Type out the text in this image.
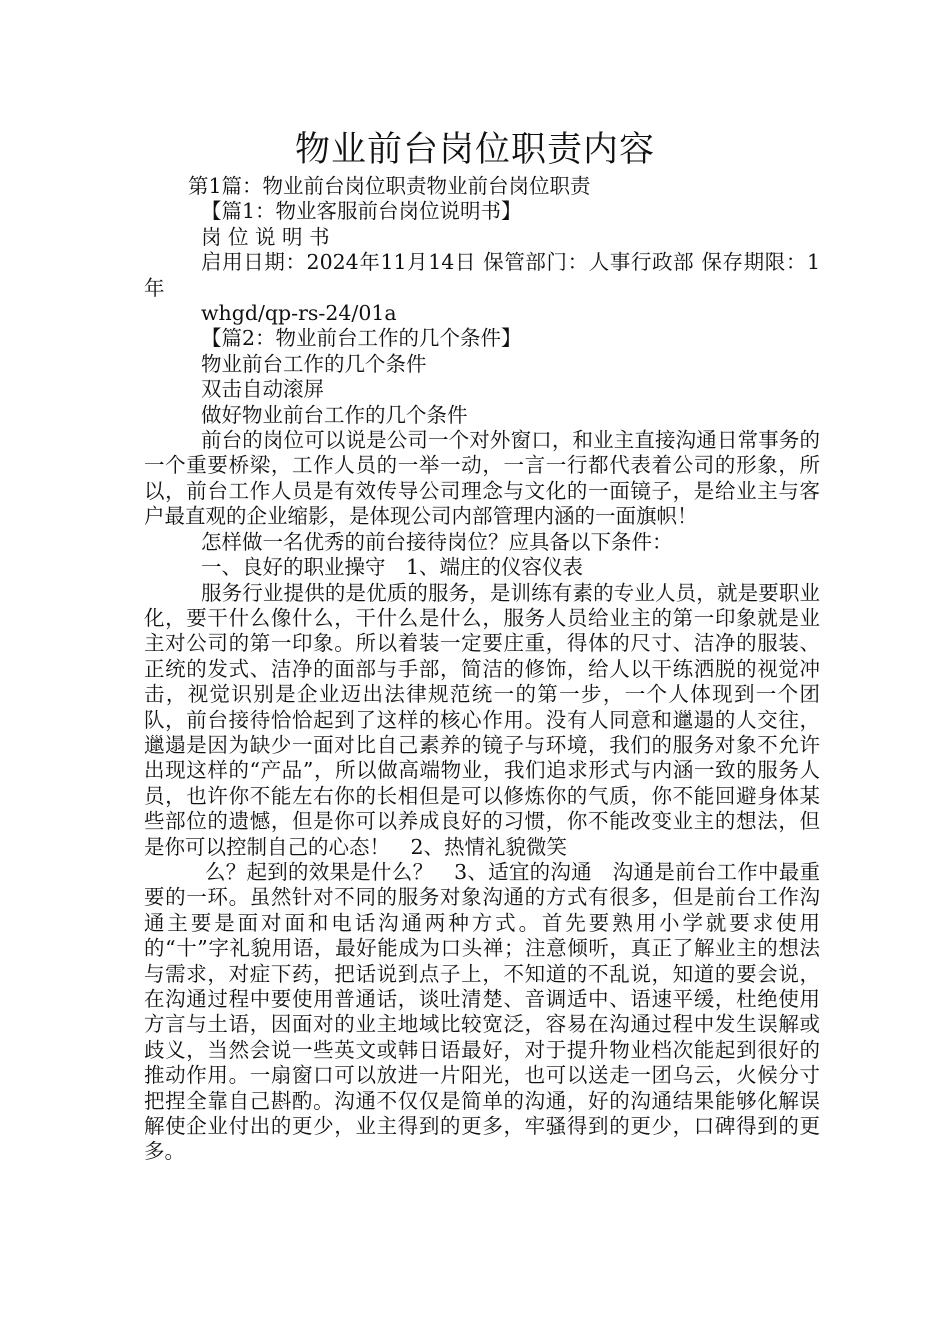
物业前台岗位职责内容

第1篇：物业前台岗位职责物业前台岗位职责

【篇1：物业客服前台岗位说明书】

岗 位 说 明 书

启用日期：2024年11月14日 保管部门：人事行政部 保存期限：1年

whgd/qp-rs-24/01a

【篇2：物业前台工作的几个条件】

物业前台工作的几个条件

双击自动滚屏

做好物业前台工作的几个条件

前台的岗位可以说是公司一个对外窗口，和业主直接沟通日常事务的一个重要桥梁，工作人员的一举一动，一言一行都代表着公司的形象，所以，前台工作人员是有效传导公司理念与文化的一面镜子，是给业主与客户最直观的企业缩影，是体现公司内部管理内涵的一面旗帜！

怎样做一名优秀的前台接待岗位？应具备以下条件：

一、良好的职业操守　1、端庄的仪容仪表

服务行业提供的是优质的服务，是训练有素的专业人员，就是要职业化，要干什么像什么，干什么是什么，服务人员给业主的第一印象就是业主对公司的第一印象。所以着装一定要庄重，得体的尺寸、洁净的服装、正统的发式、洁净的面部与手部，简洁的修饰，给人以干练洒脱的视觉冲击，视觉识别是企业迈出法律规范统一的第一步，一个人体现到一个团队，前台接待恰恰起到了这样的核心作用。没有人同意和邋遢的人交往，邋遢是因为缺少一面对比自己素养的镜子与环境，我们的服务对象不允许出现这样的“产品”，所以做高端物业，我们追求形式与内涵一致的服务人员，也许你不能左右你的长相但是可以修炼你的气质，你不能回避身体某些部位的遗憾，但是你可以养成良好的习惯，你不能改变业主的想法，但是你可以控制自己的心态！　2、热情礼貌微笑

么？起到的效果是什么？　3、适宜的沟通　沟通是前台工作中最重要的一环。虽然针对不同的服务对象沟通的方式有很多，但是前台工作沟通主要是面对面和电话沟通两种方式。首先要熟用小学就要求使用的“十”字礼貌用语，最好能成为口头禅；注意倾听，真正了解业主的想法与需求，对症下药，把话说到点子上，不知道的不乱说，知道的要会说，在沟通过程中要使用普通话，谈吐清楚、音调适中、语速平缓，杜绝使用方言与土语，因面对的业主地域比较宽泛，容易在沟通过程中发生误解或歧义，当然会说一些英文或韩日语最好，对于提升物业档次能起到很好的推动作用。一扇窗口可以放进一片阳光，也可以送走一团乌云，火候分寸把捏全靠自己斟酌。沟通不仅仅是简单的沟通，好的沟通结果能够化解误解使企业付出的更少，业主得到的更多，牢骚得到的更少，口碑得到的更多。
